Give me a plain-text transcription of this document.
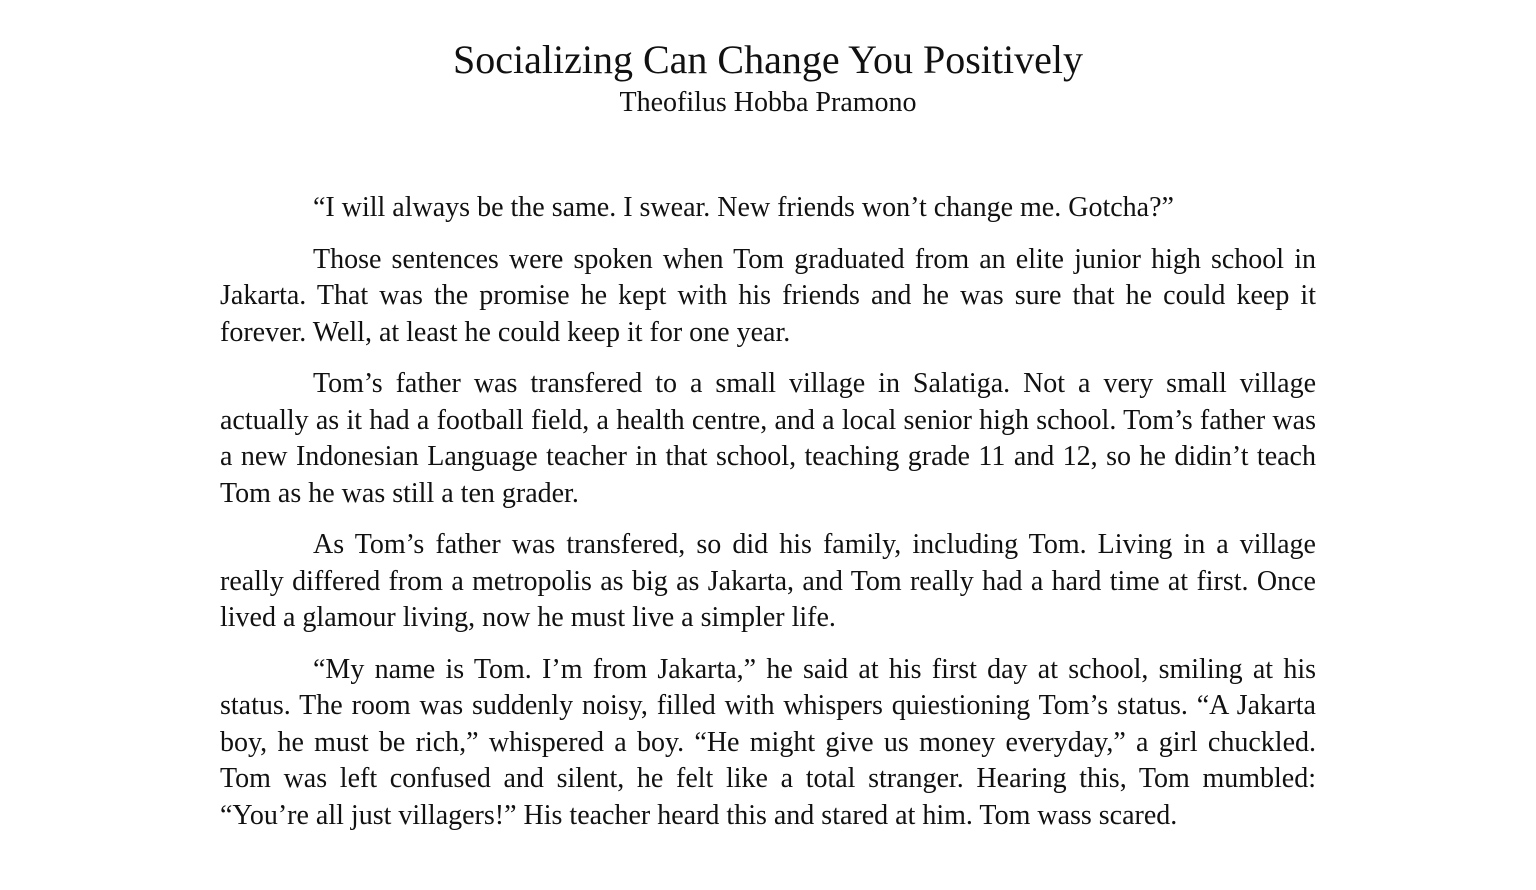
Socializing Can Change You Positively
Theofilus Hobba Pramono

“I will always be the same. I swear. New friends won’t change me. Gotcha?”

Those sentences were spoken when Tom graduated from an elite junior high school in Jakarta. That was the promise he kept with his friends and he was sure that he could keep it forever. Well, at least he could keep it for one year.

Tom’s father was transfered to a small village in Salatiga. Not a very small village actually as it had a football field, a health centre, and a local senior high school. Tom’s father was a new Indonesian Language teacher in that school, teaching grade 11 and 12, so he didin’t teach Tom as he was still a ten grader.

As Tom’s father was transfered, so did his family, including Tom. Living in a village really differed from a metropolis as big as Jakarta, and Tom really had a hard time at first. Once lived a glamour living, now he must live a simpler life.

“My name is Tom. I’m from Jakarta,” he said at his first day at school, smiling at his status. The room was suddenly noisy, filled with whispers quiestioning Tom’s status. “A Jakarta boy, he must be rich,” whispered a boy. “He might give us money everyday,” a girl chuckled. Tom was left confused and silent, he felt like a total stranger. Hearing this, Tom mumbled: “You’re all just villagers!” His teacher heard this and stared at him. Tom wass scared.
